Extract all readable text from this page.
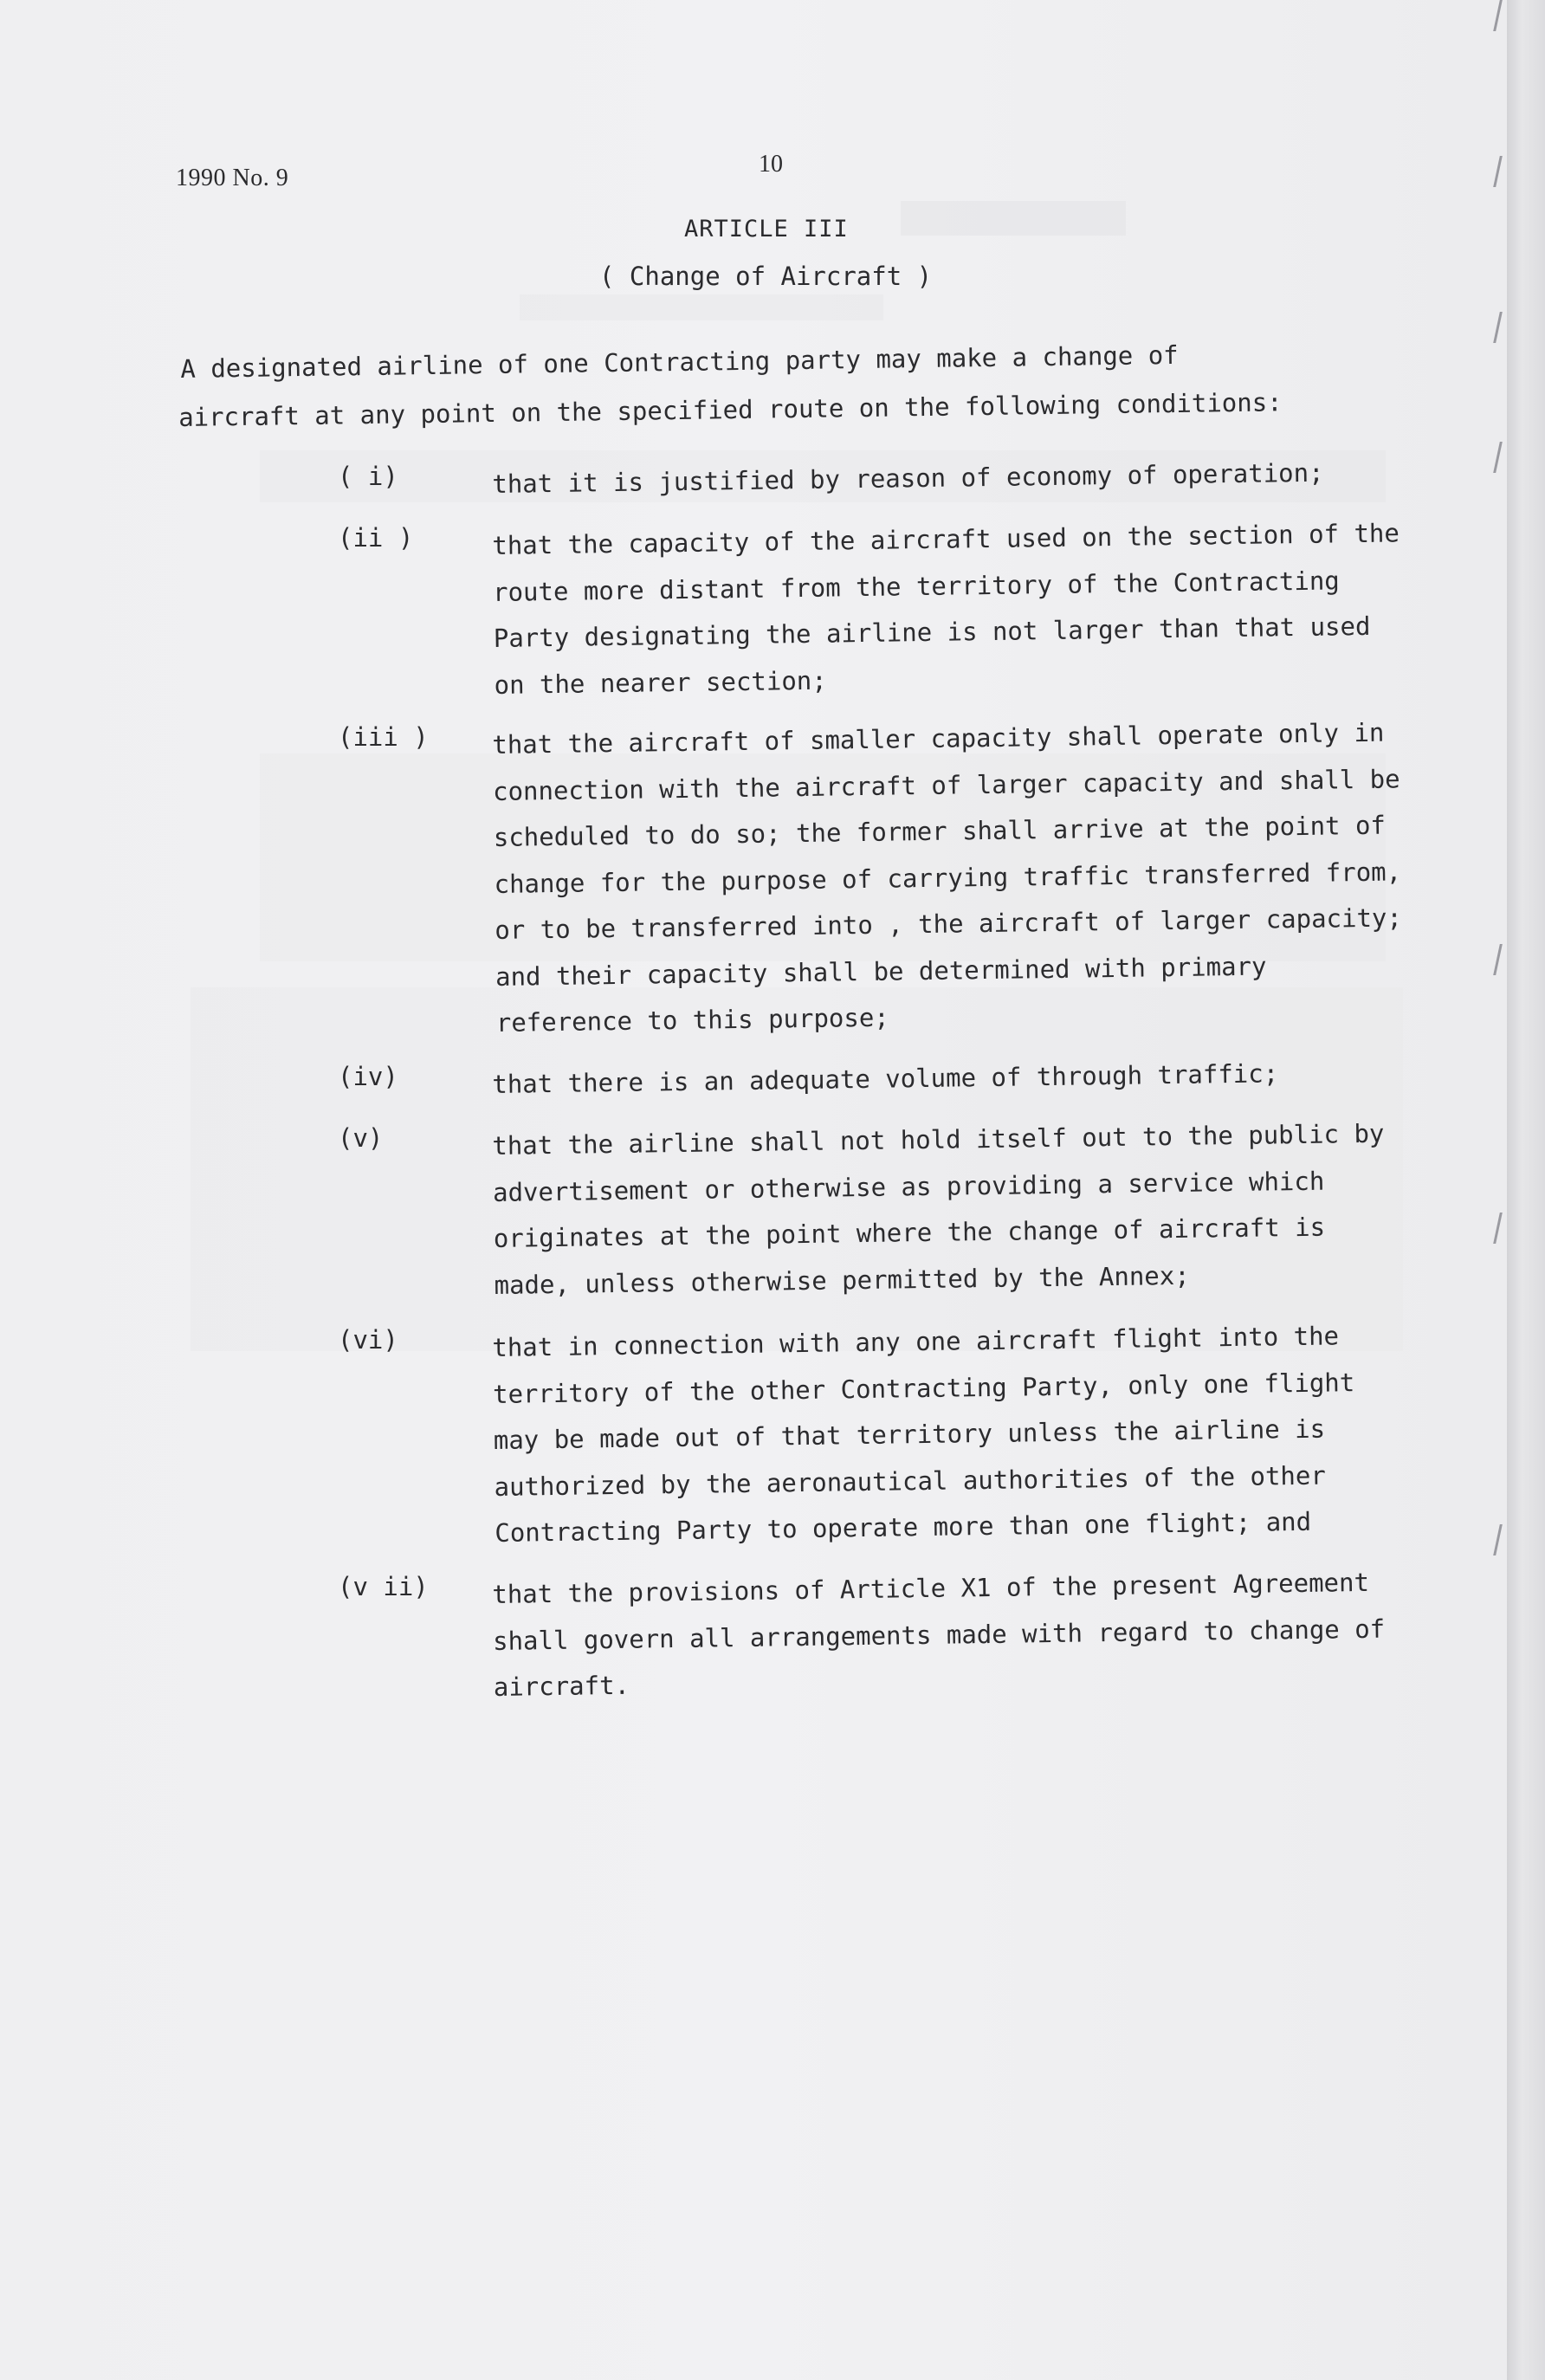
1990 No. 9
10
ARTICLE III
( Change of Aircraft )
A designated airline of one Contracting party may make a change of
aircraft at any point on the specified route on the following conditions:
( i)	that it is justified by reason of economy of operation;
(ii )	that the capacity of the aircraft used on the section of the route more distant from the territory of the Contracting Party designating the airline is not larger than that used on the nearer section;
(iii )	that the aircraft of smaller capacity shall operate only in connection with the aircraft of larger capacity and shall be scheduled to do so; the former shall arrive at the point of change for the purpose of carrying traffic transferred from, or to be transferred into , the aircraft of larger capacity; and their capacity shall be determined with primary reference to this purpose;
(iv)	that there is an adequate volume of through traffic;
(v)	that the airline shall not hold itself out to the public by advertisement or otherwise as providing a service which originates at the point where the change of aircraft is made, unless otherwise permitted by the Annex;
(vi)	that in connection with any one aircraft flight into the territory of the other Contracting Party, only one flight may be made out of that territory unless the airline is authorized by the aeronautical authorities of the other Contracting Party to operate more than one flight; and
(v ii)	that the provisions of Article X1 of the present Agreement shall govern all arrangements made with regard to change of aircraft.
